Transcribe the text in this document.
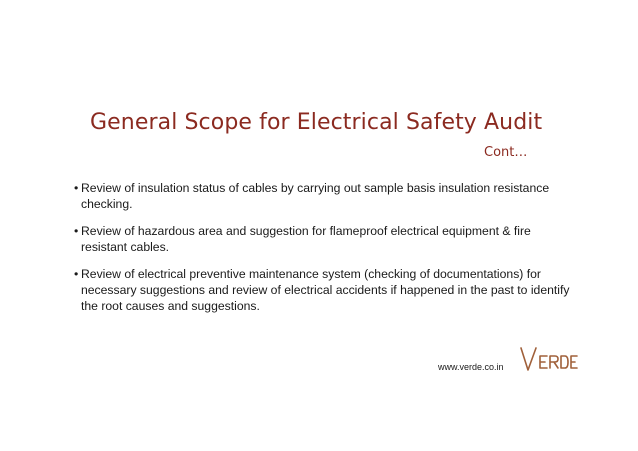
General Scope for Electrical Safety Audit
Cont…
• Review of insulation status of cables by carrying out sample basis insulation resistance checking.
• Review of hazardous area and suggestion for flameproof electrical equipment & fire resistant cables.
• Review of electrical preventive maintenance system (checking of documentations) for necessary suggestions and review of electrical accidents if happened in the past to identify the root causes and suggestions.
www.verde.co.in
